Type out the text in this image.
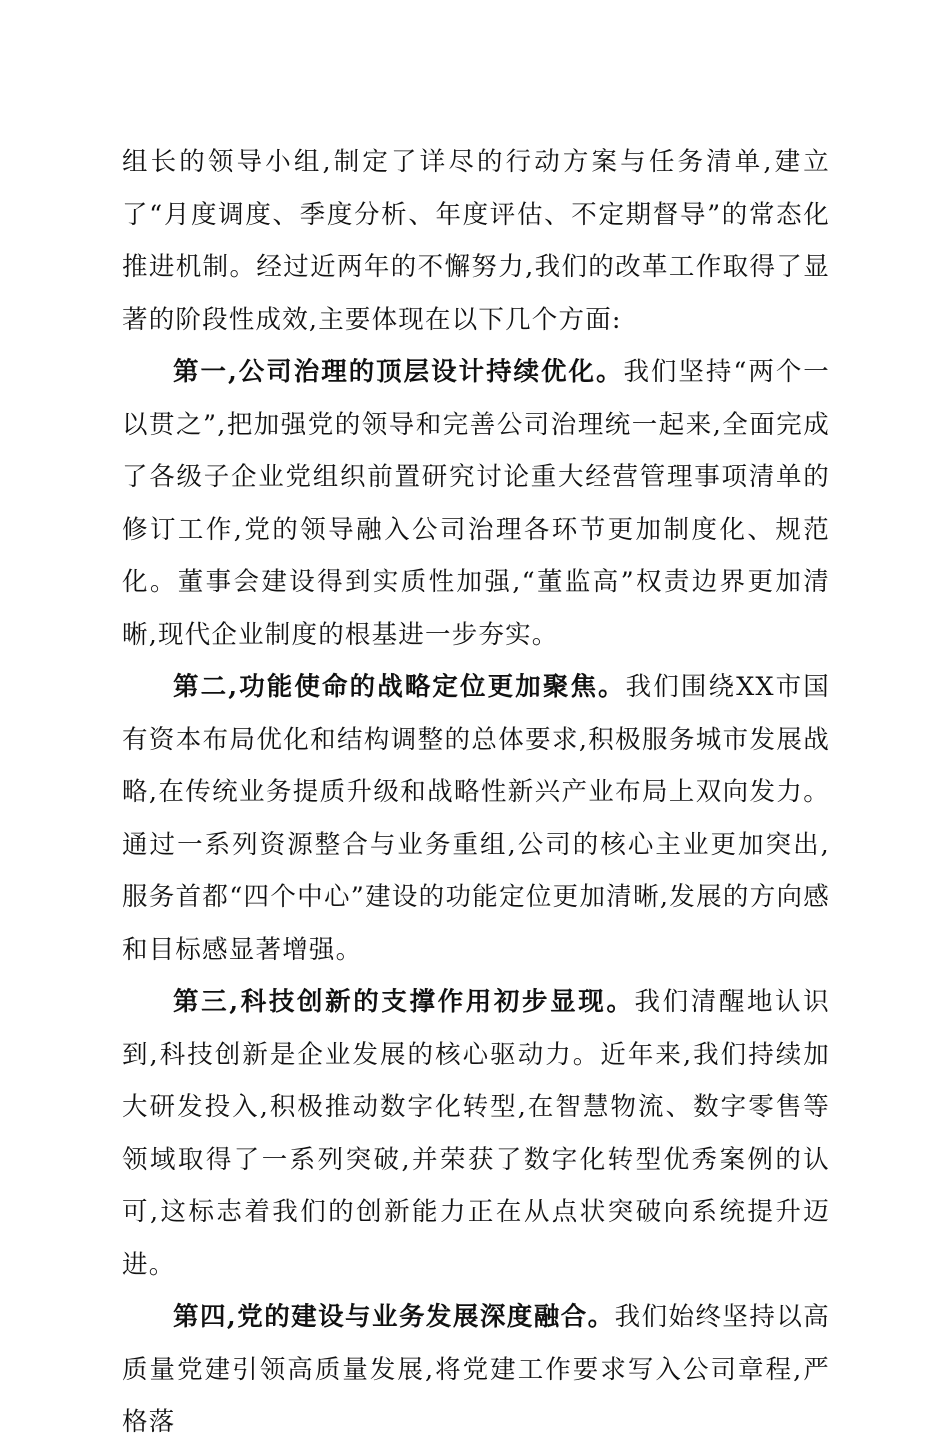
组长的领导小组,制定了详尽的行动方案与任务清单,建立了“月度调度、季度分析、年度评估、不定期督导”的常态化推进机制。经过近两年的不懈努力,我们的改革工作取得了显著的阶段性成效,主要体现在以下几个方面:

第一,公司治理的顶层设计持续优化。我们坚持“两个一以贯之”,把加强党的领导和完善公司治理统一起来,全面完成了各级子企业党组织前置研究讨论重大经营管理事项清单的修订工作,党的领导融入公司治理各环节更加制度化、规范化。董事会建设得到实质性加强,“董监高”权责边界更加清晰,现代企业制度的根基进一步夯实。

第二,功能使命的战略定位更加聚焦。我们围绕XX市国有资本布局优化和结构调整的总体要求,积极服务城市发展战略,在传统业务提质升级和战略性新兴产业布局上双向发力。通过一系列资源整合与业务重组,公司的核心主业更加突出,服务首都“四个中心”建设的功能定位更加清晰,发展的方向感和目标感显著增强。

第三,科技创新的支撑作用初步显现。我们清醒地认识到,科技创新是企业发展的核心驱动力。近年来,我们持续加大研发投入,积极推动数字化转型,在智慧物流、数字零售等领域取得了一系列突破,并荣获了数字化转型优秀案例的认可,这标志着我们的创新能力正在从点状突破向系统提升迈进。

第四,党的建设与业务发展深度融合。我们始终坚持以高质量党建引领高质量发展,将党建工作要求写入公司章程,严格落
